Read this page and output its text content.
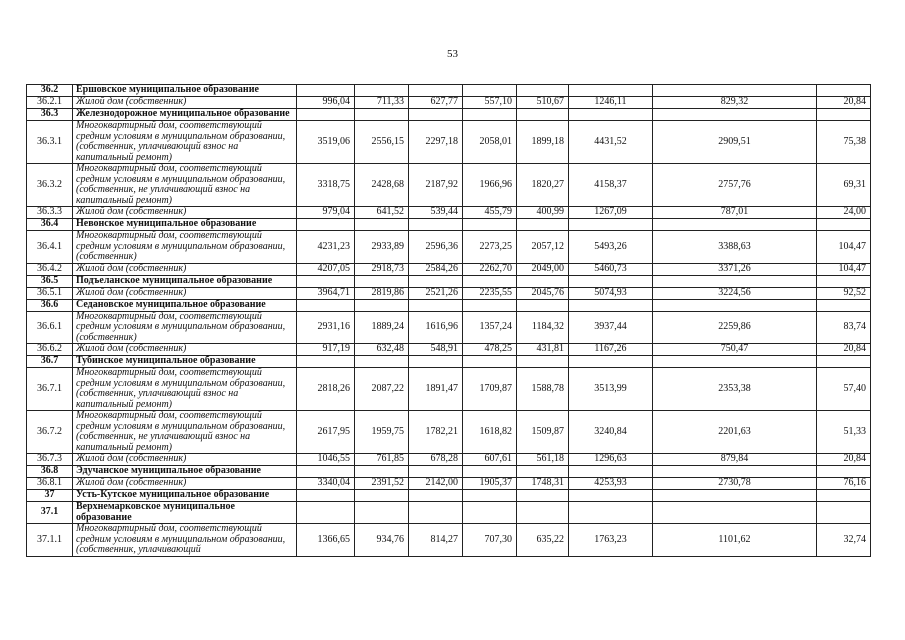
53
36.2	Ершовское муниципальное образование								
36.2.1	Жилой дом (собственник)	996,04	711,33	627,77	557,10	510,67	1246,11	829,32	20,84
36.3	Железнодорожное муниципальное образование								
36.3.1	Многоквартирный дом, соответствующий средним условиям в муниципальном образовании, (собственник, уплачивающий взнос на капитальный ремонт)	3519,06	2556,15	2297,18	2058,01	1899,18	4431,52	2909,51	75,38
36.3.2	Многоквартирный дом, соответствующий средним условиям в муниципальном образовании, (собственник, не уплачивающий взнос на капитальный ремонт)	3318,75	2428,68	2187,92	1966,96	1820,27	4158,37	2757,76	69,31
36.3.3	Жилой дом (собственник)	979,04	641,52	539,44	455,79	400,99	1267,09	787,01	24,00
36.4	Невонское муниципальное образование								
36.4.1	Многоквартирный дом, соответствующий средним условиям в муниципальном образовании, (собственник)	4231,23	2933,89	2596,36	2273,25	2057,12	5493,26	3388,63	104,47
36.4.2	Жилой дом (собственник)	4207,05	2918,73	2584,26	2262,70	2049,00	5460,73	3371,26	104,47
36.5	Подъеланское муниципальное образование								
36.5.1	Жилой дом (собственник)	3964,71	2819,86	2521,26	2235,55	2045,76	5074,93	3224,56	92,52
36.6	Седановское муниципальное образование								
36.6.1	Многоквартирный дом, соответствующий средним условиям в муниципальном образовании, (собственник)	2931,16	1889,24	1616,96	1357,24	1184,32	3937,44	2259,86	83,74
36.6.2	Жилой дом (собственник)	917,19	632,48	548,91	478,25	431,81	1167,26	750,47	20,84
36.7	Тубинское муниципальное образование								
36.7.1	Многоквартирный дом, соответствующий средним условиям в муниципальном образовании, (собственник, уплачивающий взнос на капитальный ремонт)	2818,26	2087,22	1891,47	1709,87	1588,78	3513,99	2353,38	57,40
36.7.2	Многоквартирный дом, соответствующий средним условиям в муниципальном образовании, (собственник, не уплачивающий взнос на капитальный ремонт)	2617,95	1959,75	1782,21	1618,82	1509,87	3240,84	2201,63	51,33
36.7.3	Жилой дом (собственник)	1046,55	761,85	678,28	607,61	561,18	1296,63	879,84	20,84
36.8	Эдучанское муниципальное образование								
36.8.1	Жилой дом (собственник)	3340,04	2391,52	2142,00	1905,37	1748,31	4253,93	2730,78	76,16
37	Усть-Кутское муниципальное образование								
37.1	Верхнемарковское муниципальное образование								
37.1.1	Многоквартирный дом, соответствующий средним условиям в муниципальном образовании, (собственник, уплачивающий	1366,65	934,76	814,27	707,30	635,22	1763,23	1101,62	32,74
